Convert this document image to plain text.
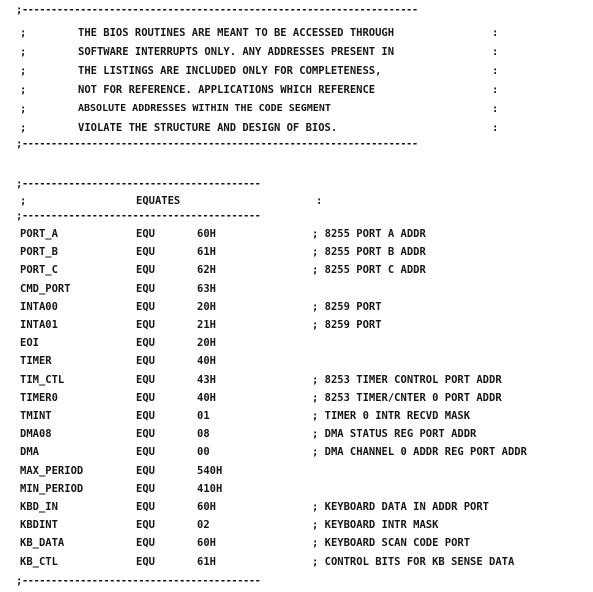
;--------------------------------------------------------------------
;	THE BIOS ROUTINES ARE MEANT TO BE ACCESSED THROUGH	:
;	SOFTWARE INTERRUPTS ONLY. ANY ADDRESSES PRESENT IN	:
;	THE LISTINGS ARE INCLUDED ONLY FOR COMPLETENESS,	:
;	NOT FOR REFERENCE. APPLICATIONS WHICH REFERENCE	:
;	ABSOLUTE ADDRESSES WITHIN THE CODE SEGMENT	:
;	VIOLATE THE STRUCTURE AND DESIGN OF BIOS.	:
;--------------------------------------------------------------------
;-----------------------------------------
;	EQUATES	:
;-----------------------------------------
PORT_A	EQU	60H	; 8255 PORT A ADDR
PORT_B	EQU	61H	; 8255 PORT B ADDR
PORT_C	EQU	62H	; 8255 PORT C ADDR
CMD_PORT	EQU	63H
INTA00	EQU	20H	; 8259 PORT
INTA01	EQU	21H	; 8259 PORT
EOI	EQU	20H
TIMER	EQU	40H
TIM_CTL	EQU	43H	; 8253 TIMER CONTROL PORT ADDR
TIMER0	EQU	40H	; 8253 TIMER/CNTER 0 PORT ADDR
TMINT	EQU	01	; TIMER 0 INTR RECVD MASK
DMA08	EQU	08	; DMA STATUS REG PORT ADDR
DMA	EQU	00	; DMA CHANNEL 0 ADDR REG PORT ADDR
MAX_PERIOD	EQU	540H
MIN_PERIOD	EQU	410H
KBD_IN	EQU	60H	; KEYBOARD DATA IN ADDR PORT
KBDINT	EQU	02	; KEYBOARD INTR MASK
KB_DATA	EQU	60H	; KEYBOARD SCAN CODE PORT
KB_CTL	EQU	61H	; CONTROL BITS FOR KB SENSE DATA
;-----------------------------------------
